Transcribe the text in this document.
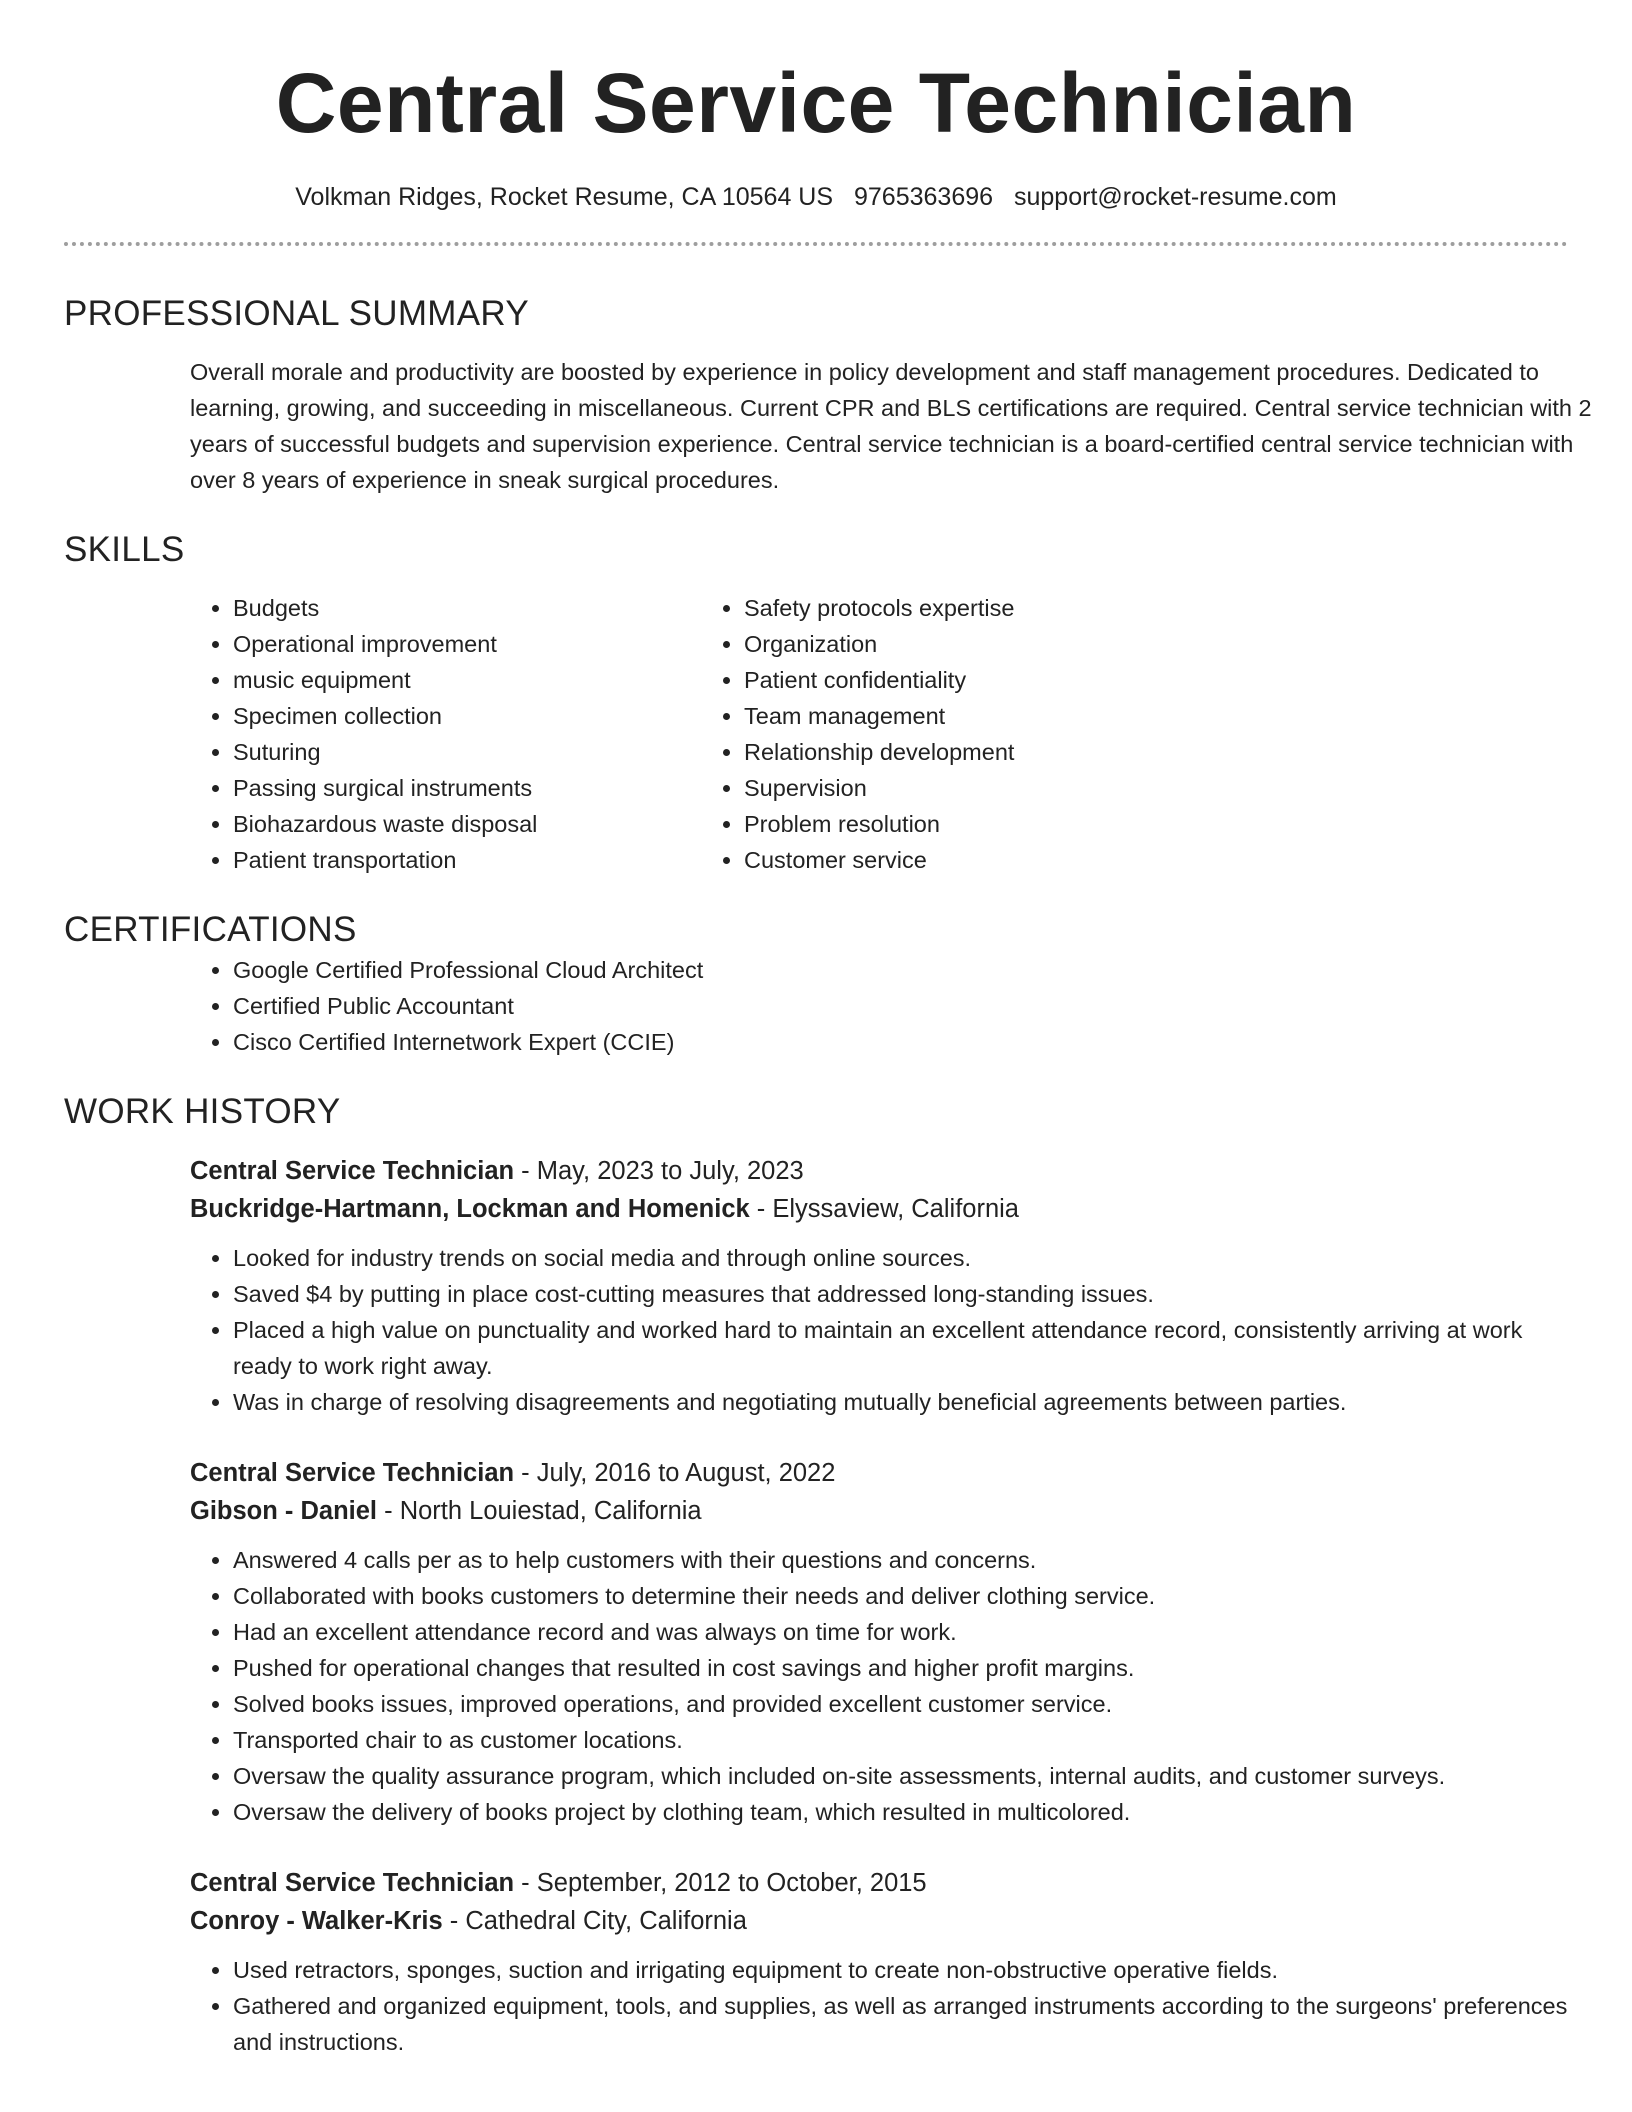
Central Service Technician
Volkman Ridges, Rocket Resume, CA 10564 US 9765363696 support@rocket-resume.com
PROFESSIONAL SUMMARY

Overall morale and productivity are boosted by experience in policy development and staff management procedures. Dedicated to learning, growing, and succeeding in miscellaneous. Current CPR and BLS certifications are required. Central service technician with 2 years of successful budgets and supervision experience. Central service technician is a board-certified central service technician with over 8 years of experience in sneak surgical procedures.

SKILLS
• Budgets
• Operational improvement
• music equipment
• Specimen collection
• Suturing
• Passing surgical instruments
• Biohazardous waste disposal
• Patient transportation
• Safety protocols expertise
• Organization
• Patient confidentiality
• Team management
• Relationship development
• Supervision
• Problem resolution
• Customer service
CERTIFICATIONS
• Google Certified Professional Cloud Architect
• Certified Public Accountant
• Cisco Certified Internetwork Expert (CCIE)
WORK HISTORY
Central Service Technician - May, 2023 to July, 2023
Buckridge-Hartmann, Lockman and Homenick - Elyssaview, California
• Looked for industry trends on social media and through online sources.
• Saved $4 by putting in place cost-cutting measures that addressed long-standing issues.
• Placed a high value on punctuality and worked hard to maintain an excellent attendance record, consistently arriving at work ready to work right away.
• Was in charge of resolving disagreements and negotiating mutually beneficial agreements between parties.
Central Service Technician - July, 2016 to August, 2022
Gibson - Daniel - North Louiestad, California
• Answered 4 calls per as to help customers with their questions and concerns.
• Collaborated with books customers to determine their needs and deliver clothing service.
• Had an excellent attendance record and was always on time for work.
• Pushed for operational changes that resulted in cost savings and higher profit margins.
• Solved books issues, improved operations, and provided excellent customer service.
• Transported chair to as customer locations.
• Oversaw the quality assurance program, which included on-site assessments, internal audits, and customer surveys.
• Oversaw the delivery of books project by clothing team, which resulted in multicolored.
Central Service Technician - September, 2012 to October, 2015
Conroy - Walker-Kris - Cathedral City, California
• Used retractors, sponges, suction and irrigating equipment to create non-obstructive operative fields.
• Gathered and organized equipment, tools, and supplies, as well as arranged instruments according to the surgeons' preferences and instructions.
